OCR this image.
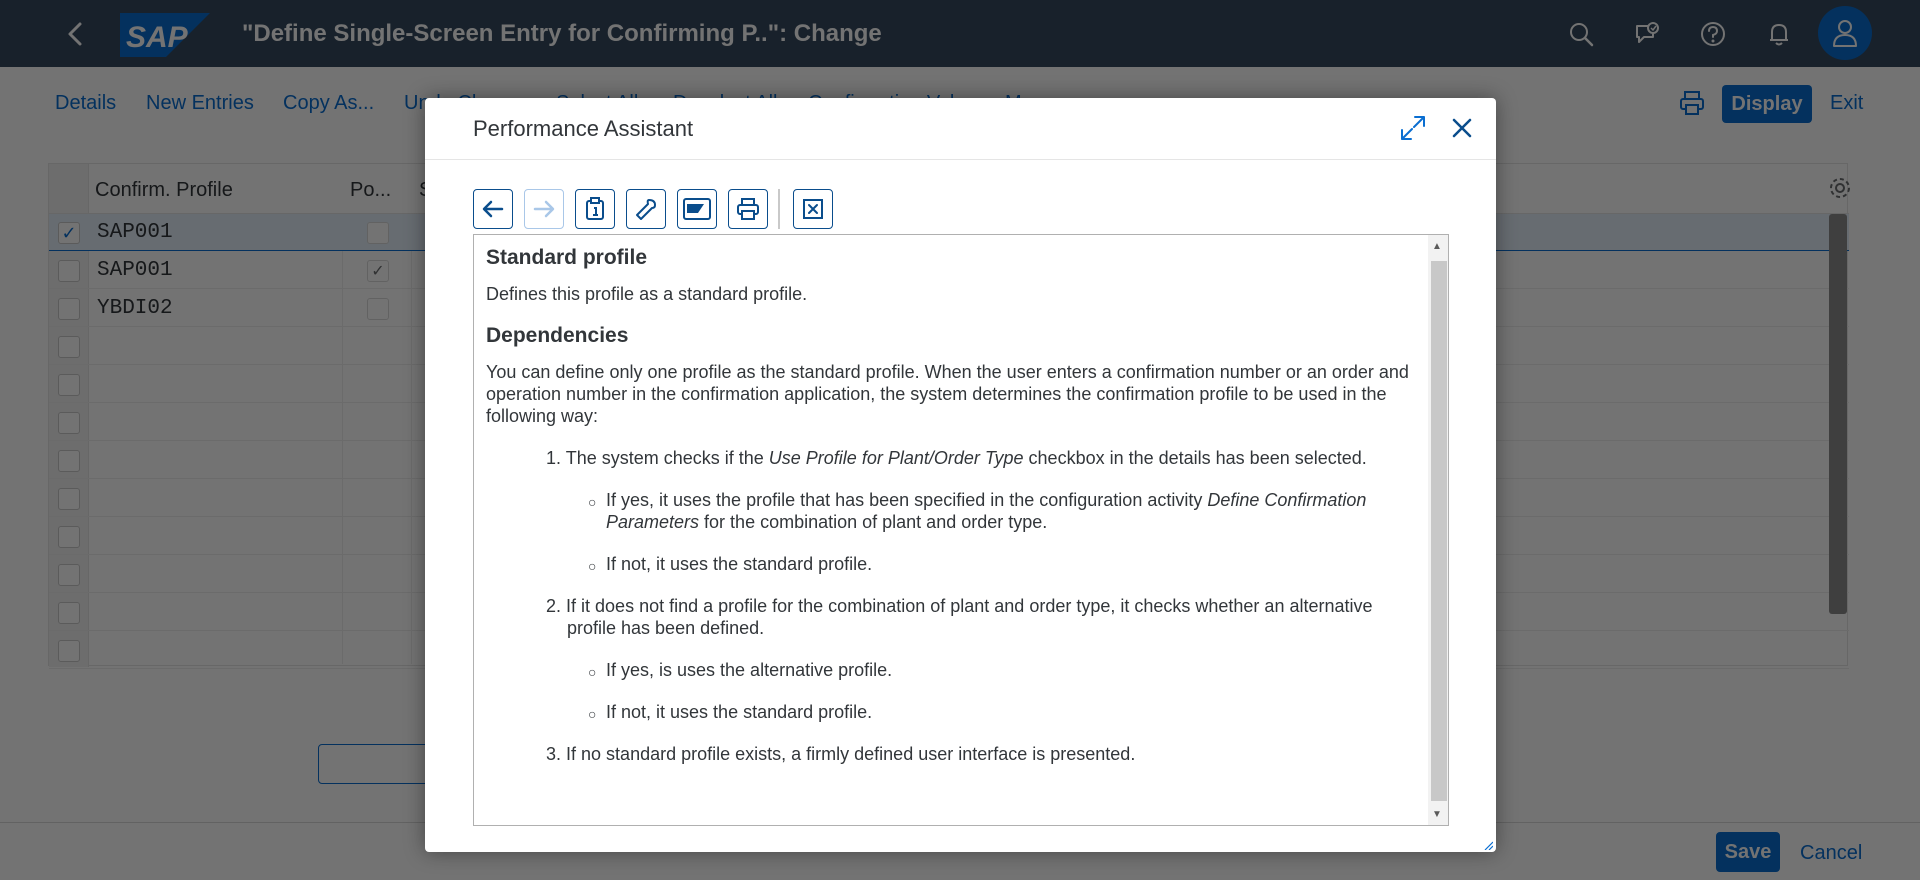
Performance Assistant
Standard profile
Defines this profile as a standard profile.
Dependencies
You can define only one profile as the standard profile. When the user enters a confirmation number or an order and operation number in the confirmation application, the system determines the confirmation profile to be used in the following way:
1. The system checks if the Use Profile for Plant/Order Type checkbox in the details has been selected.
○ If yes, it uses the profile that has been specified in the configuration activity Define Confirmation Parameters for the combination of plant and order type.
○ If not, it uses the standard profile.
2. If it does not find a profile for the combination of plant and order type, it checks whether an alternative profile has been defined.
○ If yes, is uses the alternative profile.
○ If not, it uses the standard profile.
3. If no standard profile exists, a firmly defined user interface is presented.
▲
▼
